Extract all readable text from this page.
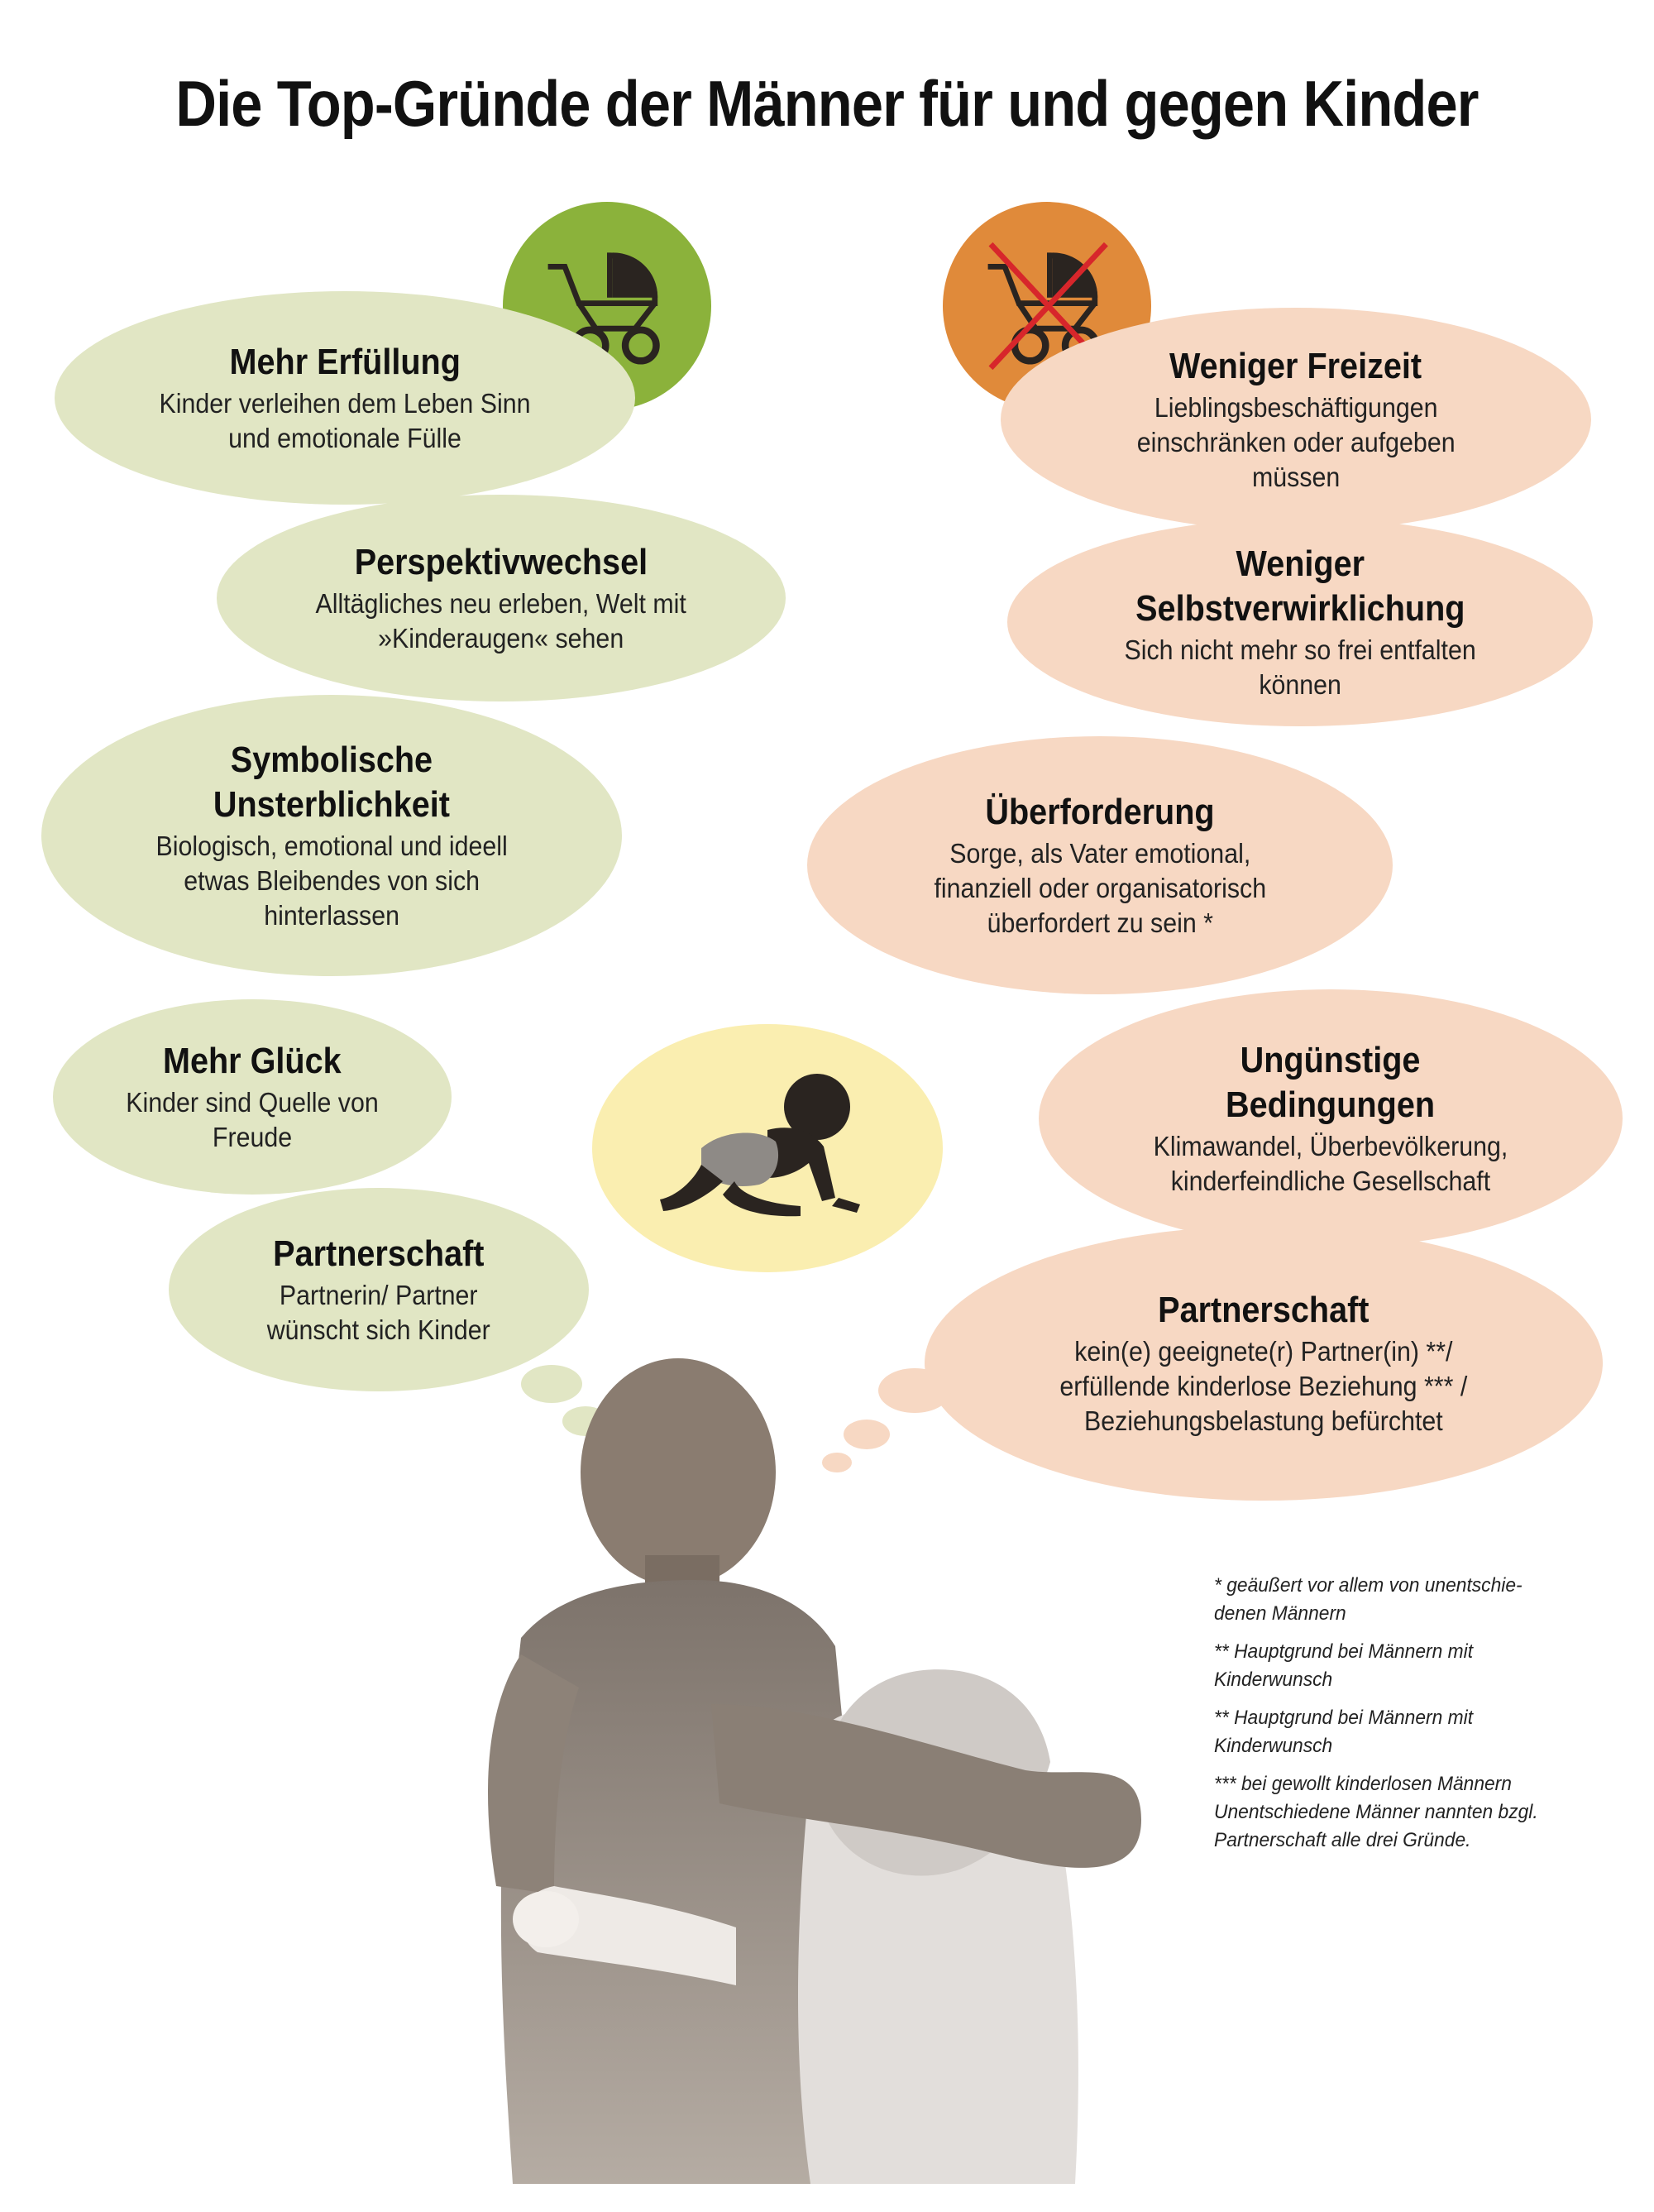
Die Top-Gründe der Männer für und gegen Kinder
Mehr Erfüllung
Kinder verleihen dem Leben Sinn
und emotionale Fülle
Perspektivwechsel
Alltägliches neu erleben, Welt mit
»Kinderaugen« sehen
Symbolische
Unsterblichkeit
Biologisch, emotional und ideell
etwas Bleibendes von sich
hinterlassen
Mehr Glück
Kinder sind Quelle von
Freude
Partnerschaft
Partnerin/ Partner
wünscht sich Kinder
Weniger Freizeit
Lieblingsbeschäftigungen
einschränken oder aufgeben
müssen
Weniger
Selbstverwirklichung
Sich nicht mehr so frei entfalten
können
Überforderung
Sorge, als Vater emotional,
finanziell oder organisatorisch
überfordert zu sein *
Ungünstige
Bedingungen
Klimawandel, Überbevölkerung,
kinderfeindliche Gesellschaft
Partnerschaft
kein(e) geeignete(r) Partner(in) **/
erfüllende kinderlose Beziehung *** /
Beziehungsbelastung befürchtet

* geäußert vor allem von unentschie-
denen Männern

** Hauptgrund bei Männern mit
Kinderwunsch

** Hauptgrund bei Männern mit
Kinderwunsch

*** bei gewollt kinderlosen Männern
Unentschiedene Männer nannten bzgl.
Partnerschaft alle drei Gründe.
